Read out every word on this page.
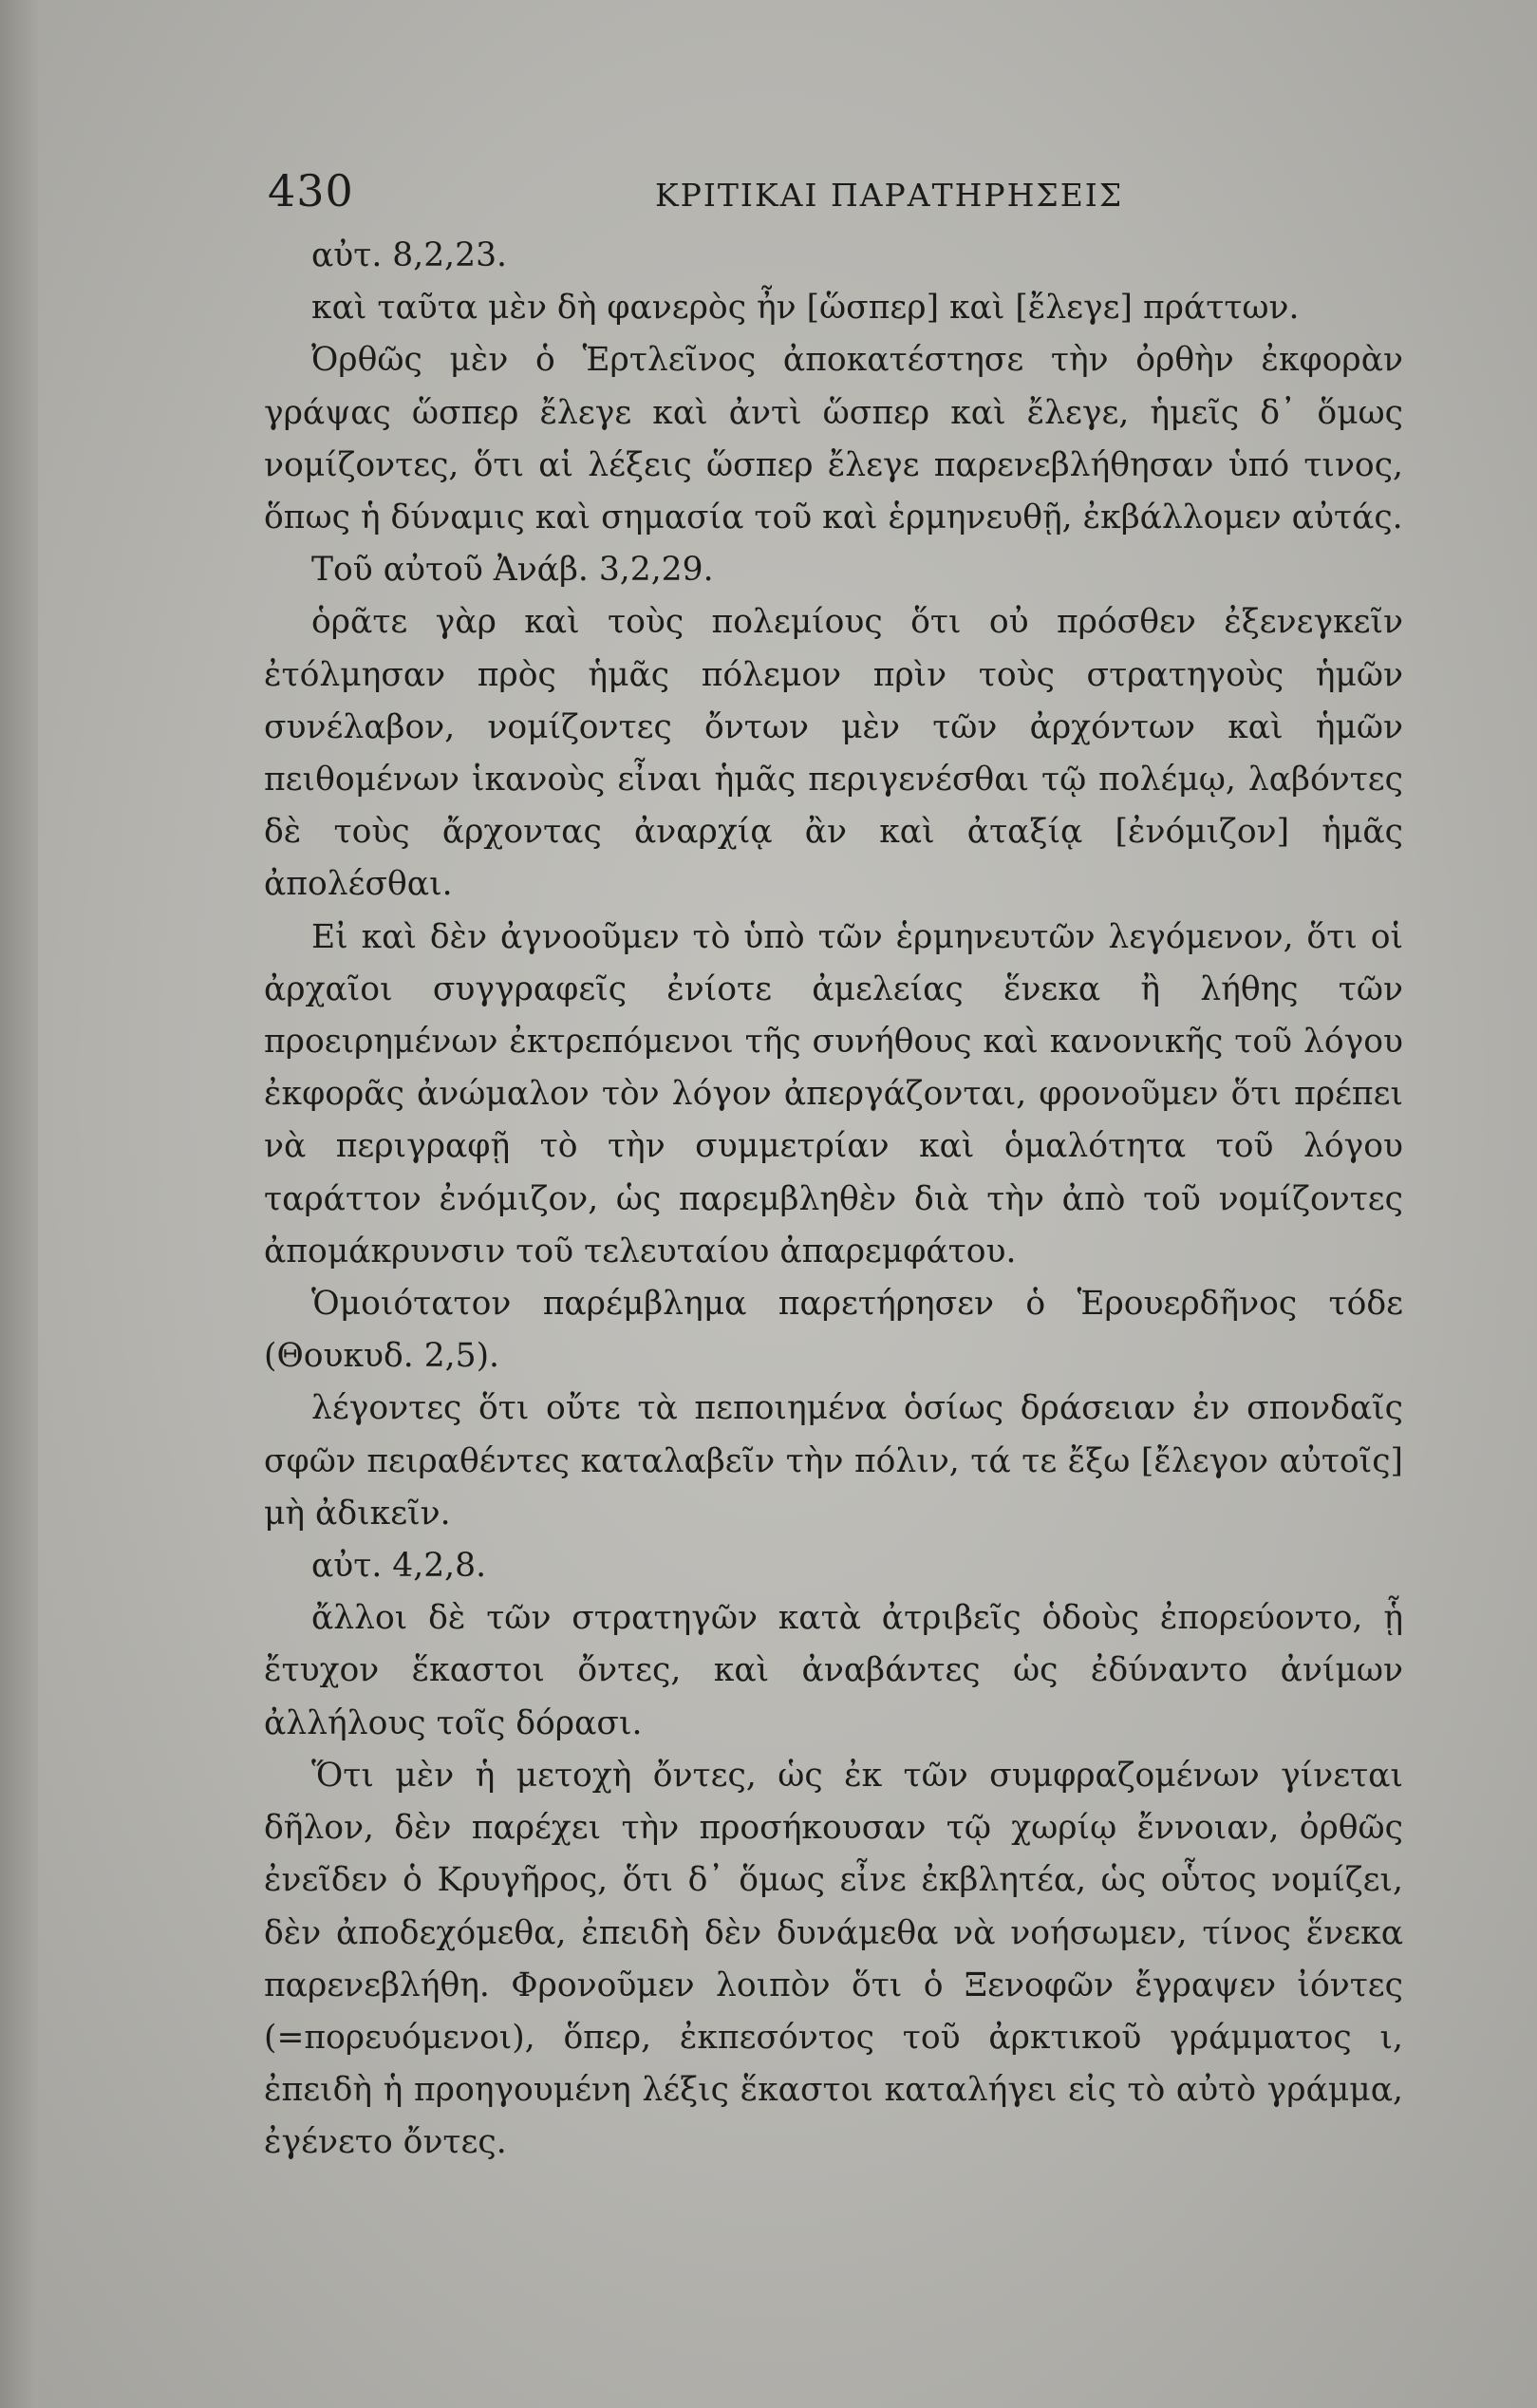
430	ΚΡΙΤΙΚΑΙ ΠΑΡΑΤΗΡΗΣΕΙΣ

αὐτ. 8,2,23.

καὶ ταῦτα μὲν δὴ φανερὸς ἦν [ὥσπερ] καὶ [ἔλεγε] πράττων.

Ὀρθῶς μὲν ὁ Ἑρτλεῖνος ἀποκατέστησε τὴν ὀρθὴν ἐκφορὰν γράψας ὥσπερ ἔλεγε καὶ ἀντὶ ὥσπερ καὶ ἔλεγε, ἡμεῖς δ᾽ ὅμως νομίζοντες, ὅτι αἱ λέξεις ὥσπερ ἔλεγε παρενεβλήθησαν ὑπό τινος, ὅπως ἡ δύναμις καὶ σημασία τοῦ καὶ ἑρμηνευθῇ, ἐκβάλλομεν αὐτάς.

Τοῦ αὐτοῦ Ἀνάβ. 3,2,29.

ὁρᾶτε γὰρ καὶ τοὺς πολεμίους ὅτι οὐ πρόσθεν ἐξενεγκεῖν ἐτόλμησαν πρὸς ἡμᾶς πόλεμον πρὶν τοὺς στρατηγοὺς ἡμῶν συνέλαβον, νομίζοντες ὄντων μὲν τῶν ἀρχόντων καὶ ἡμῶν πειθομένων ἱκανοὺς εἶναι ἡμᾶς περιγενέσθαι τῷ πολέμῳ, λαβόντες δὲ τοὺς ἄρχοντας ἀναρχίᾳ ἂν καὶ ἀταξίᾳ [ἐνόμιζον] ἡμᾶς ἀπολέσθαι.

Εἰ καὶ δὲν ἀγνοοῦμεν τὸ ὑπὸ τῶν ἑρμηνευτῶν λεγόμενον, ὅτι οἱ ἀρχαῖοι συγγραφεῖς ἐνίοτε ἀμελείας ἕνεκα ἢ λήθης τῶν προειρημένων ἐκτρεπόμενοι τῆς συνήθους καὶ κανονικῆς τοῦ λόγου ἐκφορᾶς ἀνώμαλον τὸν λόγον ἀπεργάζονται, φρονοῦμεν ὅτι πρέπει νὰ περιγραφῇ τὸ τὴν συμμετρίαν καὶ ὁμαλότητα τοῦ λόγου ταράττον ἐνόμιζον, ὡς παρεμβληθὲν διὰ τὴν ἀπὸ τοῦ νομίζοντες ἀπομάκρυνσιν τοῦ τελευταίου ἀπαρεμφάτου.

Ὁμοιότατον παρέμβλημα παρετήρησεν ὁ Ἑρουερδῆνος τόδε (Θουκυδ. 2,5).

λέγοντες ὅτι οὔτε τὰ πεποιημένα ὁσίως δράσειαν ἐν σπονδαῖς σφῶν πειραθέντες καταλαβεῖν τὴν πόλιν, τά τε ἔξω [ἔλεγον αὐτοῖς] μὴ ἀδικεῖν.

αὐτ. 4,2,8.

ἄλλοι δὲ τῶν στρατηγῶν κατὰ ἀτριβεῖς ὁδοὺς ἐπορεύοντο, ᾗ ἔτυχον ἕκαστοι ὄντες, καὶ ἀναβάντες ὡς ἐδύναντο ἀνίμων ἀλλήλους τοῖς δόρασι.

Ὅτι μὲν ἡ μετοχὴ ὄντες, ὡς ἐκ τῶν συμφραζομένων γίνεται δῆλον, δὲν παρέχει τὴν προσήκουσαν τῷ χωρίῳ ἔννοιαν, ὀρθῶς ἐνεῖδεν ὁ Κρυγῆρος, ὅτι δ᾽ ὅμως εἶνε ἐκβλητέα, ὡς οὗτος νομίζει, δὲν ἀποδεχόμεθα, ἐπειδὴ δὲν δυνάμεθα νὰ νοήσωμεν, τίνος ἕνεκα παρενεβλήθη. Φρονοῦμεν λοιπὸν ὅτι ὁ Ξενοφῶν ἔγραψεν ἰόντες (=πορευόμενοι), ὅπερ, ἐκπεσόντος τοῦ ἀρκτικοῦ γράμματος ι, ἐπειδὴ ἡ προηγουμένη λέξις ἕκαστοι καταλήγει εἰς τὸ αὐτὸ γράμμα, ἐγένετο ὄντες.
